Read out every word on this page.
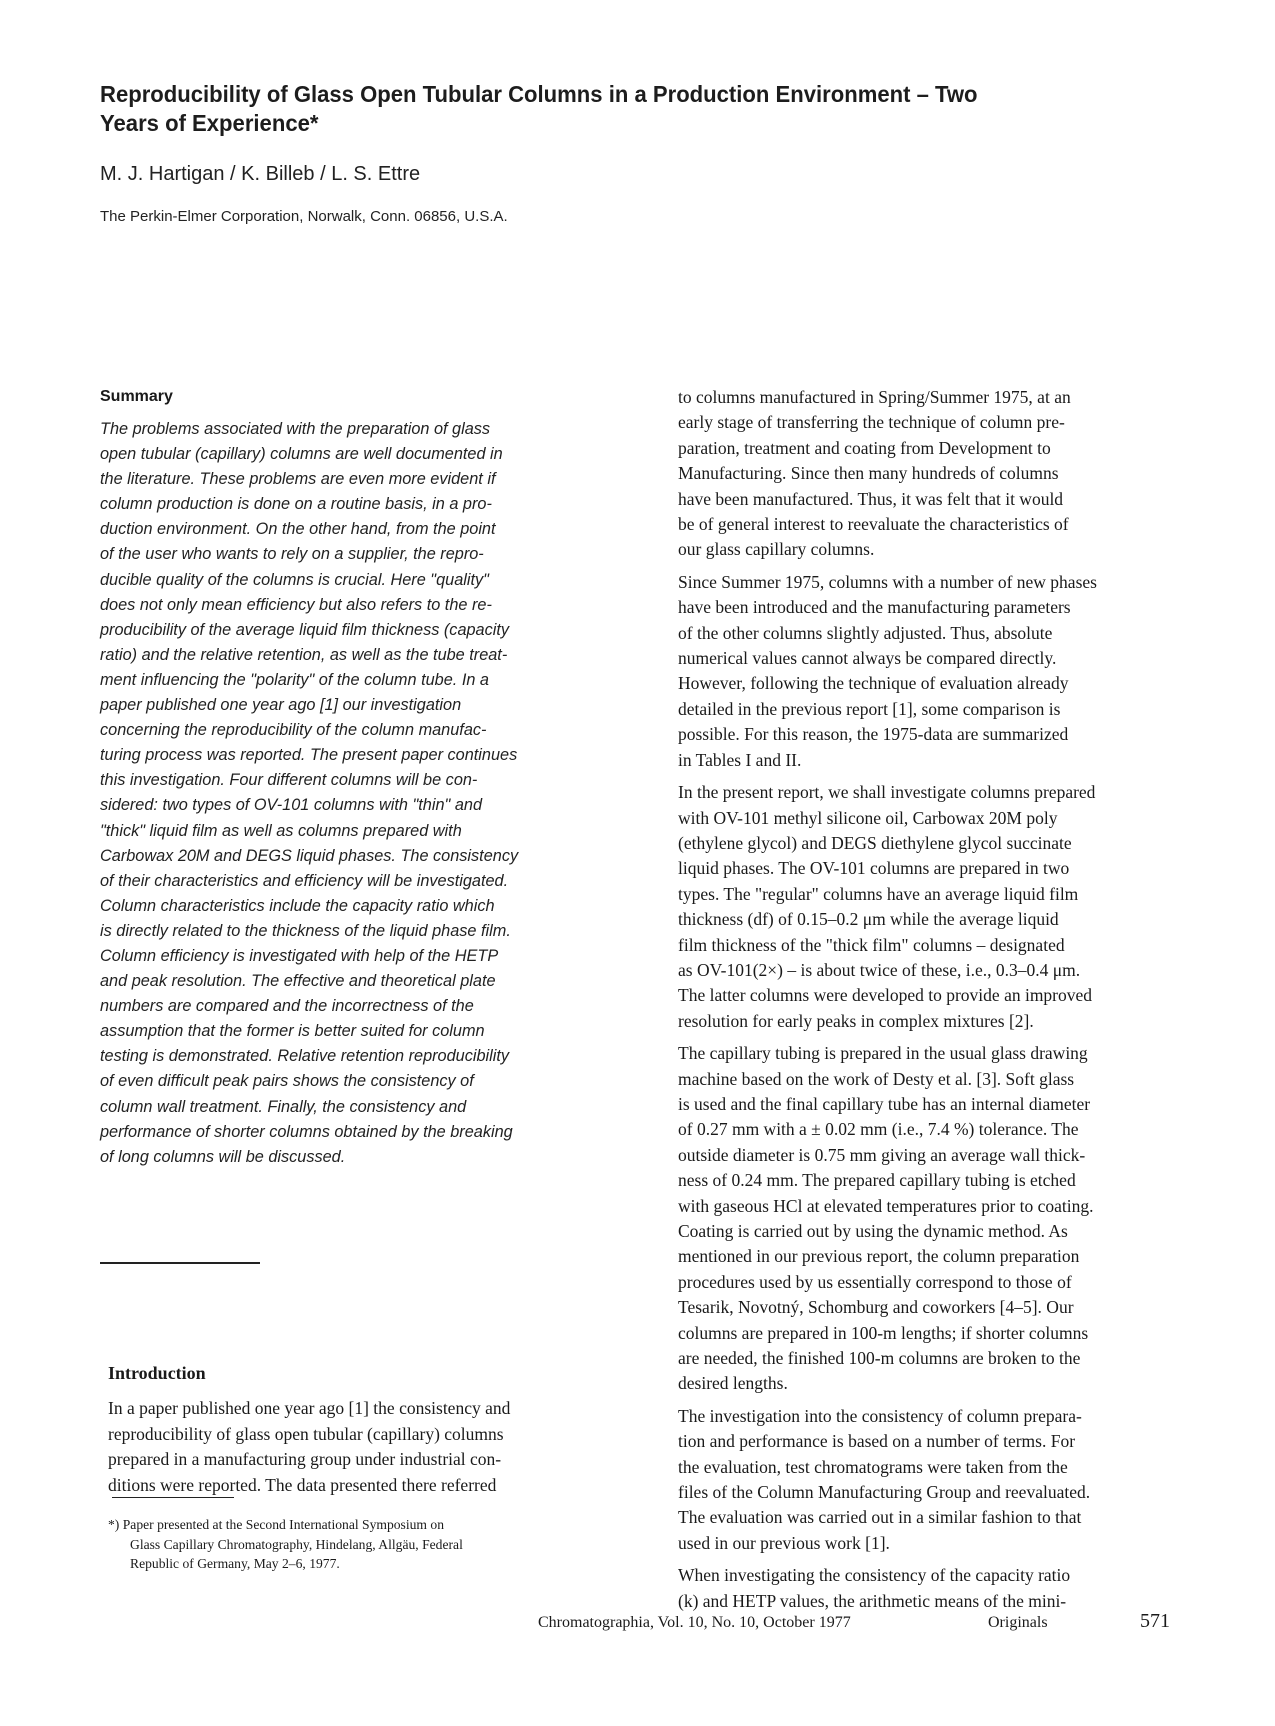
Reproducibility of Glass Open Tubular Columns in a Production Environment – Two Years of Experience*
M. J. Hartigan / K. Billeb / L. S. Ettre
The Perkin-Elmer Corporation, Norwalk, Conn. 06856, U.S.A.
Summary
The problems associated with the preparation of glass
open tubular (capillary) columns are well documented in
the literature. These problems are even more evident if
column production is done on a routine basis, in a pro-
duction environment. On the other hand, from the point
of the user who wants to rely on a supplier, the repro-
ducible quality of the columns is crucial. Here "quality"
does not only mean efficiency but also refers to the re-
producibility of the average liquid film thickness (capacity
ratio) and the relative retention, as well as the tube treat-
ment influencing the "polarity" of the column tube. In a
paper published one year ago [1] our investigation
concerning the reproducibility of the column manufac-
turing process was reported. The present paper continues
this investigation. Four different columns will be con-
sidered: two types of OV-101 columns with "thin" and
"thick" liquid film as well as columns prepared with
Carbowax 20M and DEGS liquid phases. The consistency
of their characteristics and efficiency will be investigated.
Column characteristics include the capacity ratio which
is directly related to the thickness of the liquid phase film.
Column efficiency is investigated with help of the HETP
and peak resolution. The effective and theoretical plate
numbers are compared and the incorrectness of the
assumption that the former is better suited for column
testing is demonstrated. Relative retention reproducibility
of even difficult peak pairs shows the consistency of
column wall treatment. Finally, the consistency and
performance of shorter columns obtained by the breaking
of long columns will be discussed.
Introduction
In a paper published one year ago [1] the consistency and
reproducibility of glass open tubular (capillary) columns
prepared in a manufacturing group under industrial con-
ditions were reported. The data presented there referred
*) Paper presented at the Second International Symposium on
Glass Capillary Chromatography, Hindelang, Allgäu, Federal
Republic of Germany, May 2–6, 1977.
to columns manufactured in Spring/Summer 1975, at an
early stage of transferring the technique of column pre-
paration, treatment and coating from Development to
Manufacturing. Since then many hundreds of columns
have been manufactured. Thus, it was felt that it would
be of general interest to reevaluate the characteristics of
our glass capillary columns.
Since Summer 1975, columns with a number of new phases
have been introduced and the manufacturing parameters
of the other columns slightly adjusted. Thus, absolute
numerical values cannot always be compared directly.
However, following the technique of evaluation already
detailed in the previous report [1], some comparison is
possible. For this reason, the 1975-data are summarized
in Tables I and II.
In the present report, we shall investigate columns prepared
with OV-101 methyl silicone oil, Carbowax 20M poly
(ethylene glycol) and DEGS diethylene glycol succinate
liquid phases. The OV-101 columns are prepared in two
types. The "regular" columns have an average liquid film
thickness (df) of 0.15–0.2 μm while the average liquid
film thickness of the "thick film" columns – designated
as OV-101(2×) – is about twice of these, i.e., 0.3–0.4 μm.
The latter columns were developed to provide an improved
resolution for early peaks in complex mixtures [2].
The capillary tubing is prepared in the usual glass drawing
machine based on the work of Desty et al. [3]. Soft glass
is used and the final capillary tube has an internal diameter
of 0.27 mm with a ± 0.02 mm (i.e., 7.4 %) tolerance. The
outside diameter is 0.75 mm giving an average wall thick-
ness of 0.24 mm. The prepared capillary tubing is etched
with gaseous HCl at elevated temperatures prior to coating.
Coating is carried out by using the dynamic method. As
mentioned in our previous report, the column preparation
procedures used by us essentially correspond to those of
Tesarik, Novotný, Schomburg and coworkers [4–5]. Our
columns are prepared in 100-m lengths; if shorter columns
are needed, the finished 100-m columns are broken to the
desired lengths.
The investigation into the consistency of column prepara-
tion and performance is based on a number of terms. For
the evaluation, test chromatograms were taken from the
files of the Column Manufacturing Group and reevaluated.
The evaluation was carried out in a similar fashion to that
used in our previous work [1].
When investigating the consistency of the capacity ratio
(k) and HETP values, the arithmetic means of the mini-
Chromatographia, Vol. 10, No. 10, October 1977	Originals	571
